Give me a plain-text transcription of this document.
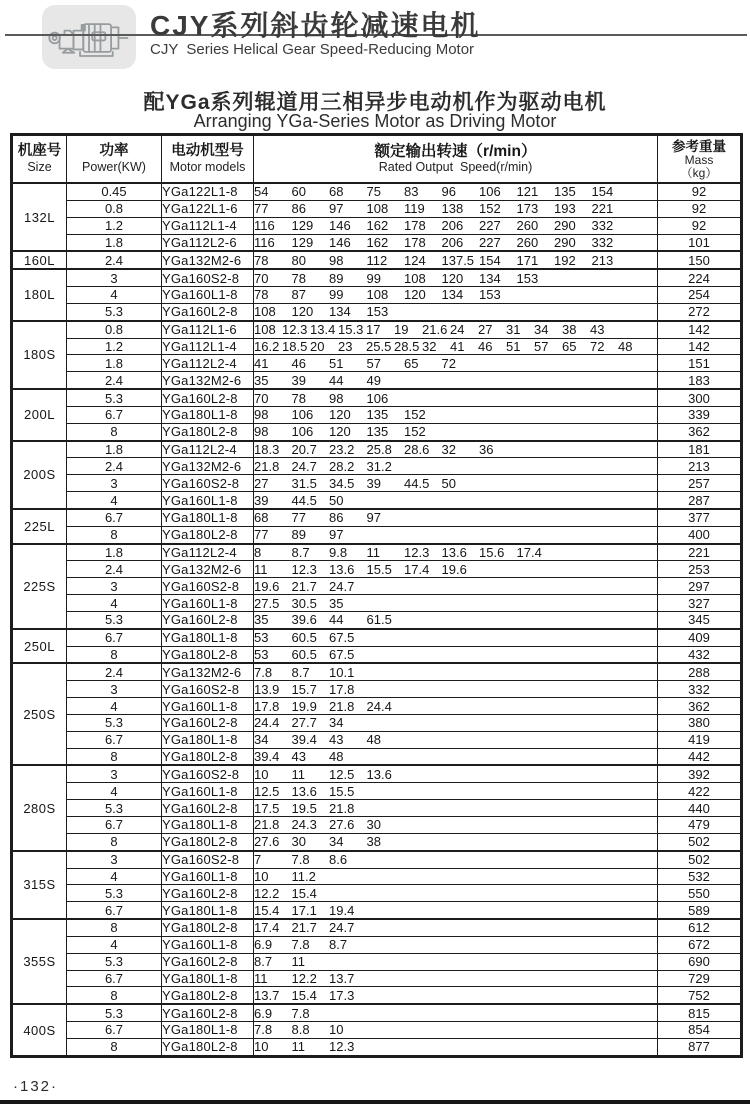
CJY系列斜齿轮减速电机
CJY  Series Helical Gear Speed-Reducing Motor
配YGa系列辊道用三相异步电动机作为驱动电机
Arranging YGa-Series Motor as Driving Motor
机座号
Size

功率
Power(KW)

电动机型号
Motor models

额定输出转速（r/min）
Rated Output  Speed(r/min)

参考重量
Mass
（kg）

132L	0.45	YGa122L1-8	54 60 68 75 83 96 106 121 135 154	92
	0.8	YGa122L1-6	77 86 97 108 119 138 152 173 193 221	92
	1.2	YGa112L1-4	116 129 146 162 178 206 227 260 290 332	92
	1.8	YGa112L2-6	116 129 146 162 178 206 227 260 290 332	101
160L	2.4	YGa132M2-6	78 80 98 112 124 137.5 154 171 192 213	150
180L	3	YGa160S2-8	70 78 89 99 108 120 134 153	224
	4	YGa160L1-8	78 87 99 108 120 134 153	254
	5.3	YGa160L2-8	108 120 134 153	272
180S	0.8	YGa112L1-6	108 12.3 13.4 15.3 17 19 21.6 24 27 31 34 38 43	142
	1.2	YGa112L1-4	16.2 18.5 20 23 25.5 28.5 32 41 46 51 57 65 72 48	142
	1.8	YGa112L2-4	41 46 51 57 65 72	151
	2.4	YGa132M2-6	35 39 44 49	183
200L	5.3	YGa160L2-8	70 78 98 106	300
	6.7	YGa180L1-8	98 106 120 135 152	339
	8	YGa180L2-8	98 106 120 135 152	362
200S	1.8	YGa112L2-4	18.3 20.7 23.2 25.8 28.6 32 36	181
	2.4	YGa132M2-6	21.8 24.7 28.2 31.2	213
	3	YGa160S2-8	27 31.5 34.5 39 44.5 50	257
	4	YGa160L1-8	39 44.5 50	287
225L	6.7	YGa180L1-8	68 77 86 97	377
	8	YGa180L2-8	77 89 97	400
225S	1.8	YGa112L2-4	8 8.7 9.8 11 12.3 13.6 15.6 17.4	221
	2.4	YGa132M2-6	11 12.3 13.6 15.5 17.4 19.6	253
	3	YGa160S2-8	19.6 21.7 24.7	297
	4	YGa160L1-8	27.5 30.5 35	327
	5.3	YGa160L2-8	35 39.6 44 61.5	345
250L	6.7	YGa180L1-8	53 60.5 67.5	409
	8	YGa180L2-8	53 60.5 67.5	432
250S	2.4	YGa132M2-6	7.8 8.7 10.1	288
	3	YGa160S2-8	13.9 15.7 17.8	332
	4	YGa160L1-8	17.8 19.9 21.8 24.4	362
	5.3	YGa160L2-8	24.4 27.7 34	380
	6.7	YGa180L1-8	34 39.4 43 48	419
	8	YGa180L2-8	39.4 43 48	442
280S	3	YGa160S2-8	10 11 12.5 13.6	392
	4	YGa160L1-8	12.5 13.6 15.5	422
	5.3	YGa160L2-8	17.5 19.5 21.8	440
	6.7	YGa180L1-8	21.8 24.3 27.6 30	479
	8	YGa180L2-8	27.6 30 34 38	502
315S	3	YGa160S2-8	7 7.8 8.6	502
	4	YGa160L1-8	10 11.2	532
	5.3	YGa160L2-8	12.2 15.4	550
	6.7	YGa180L1-8	15.4 17.1 19.4	589
355S	8	YGa180L2-8	17.4 21.7 24.7	612
	4	YGa160L1-8	6.9 7.8 8.7	672
	5.3	YGa160L2-8	8.7 11	690
	6.7	YGa180L1-8	11 12.2 13.7	729
	8	YGa180L2-8	13.7 15.4 17.3	752
400S	5.3	YGa160L2-8	6.9 7.8	815
	6.7	YGa180L1-8	7.8 8.8 10	854
	8	YGa180L2-8	10 11 12.3	877
·132·
